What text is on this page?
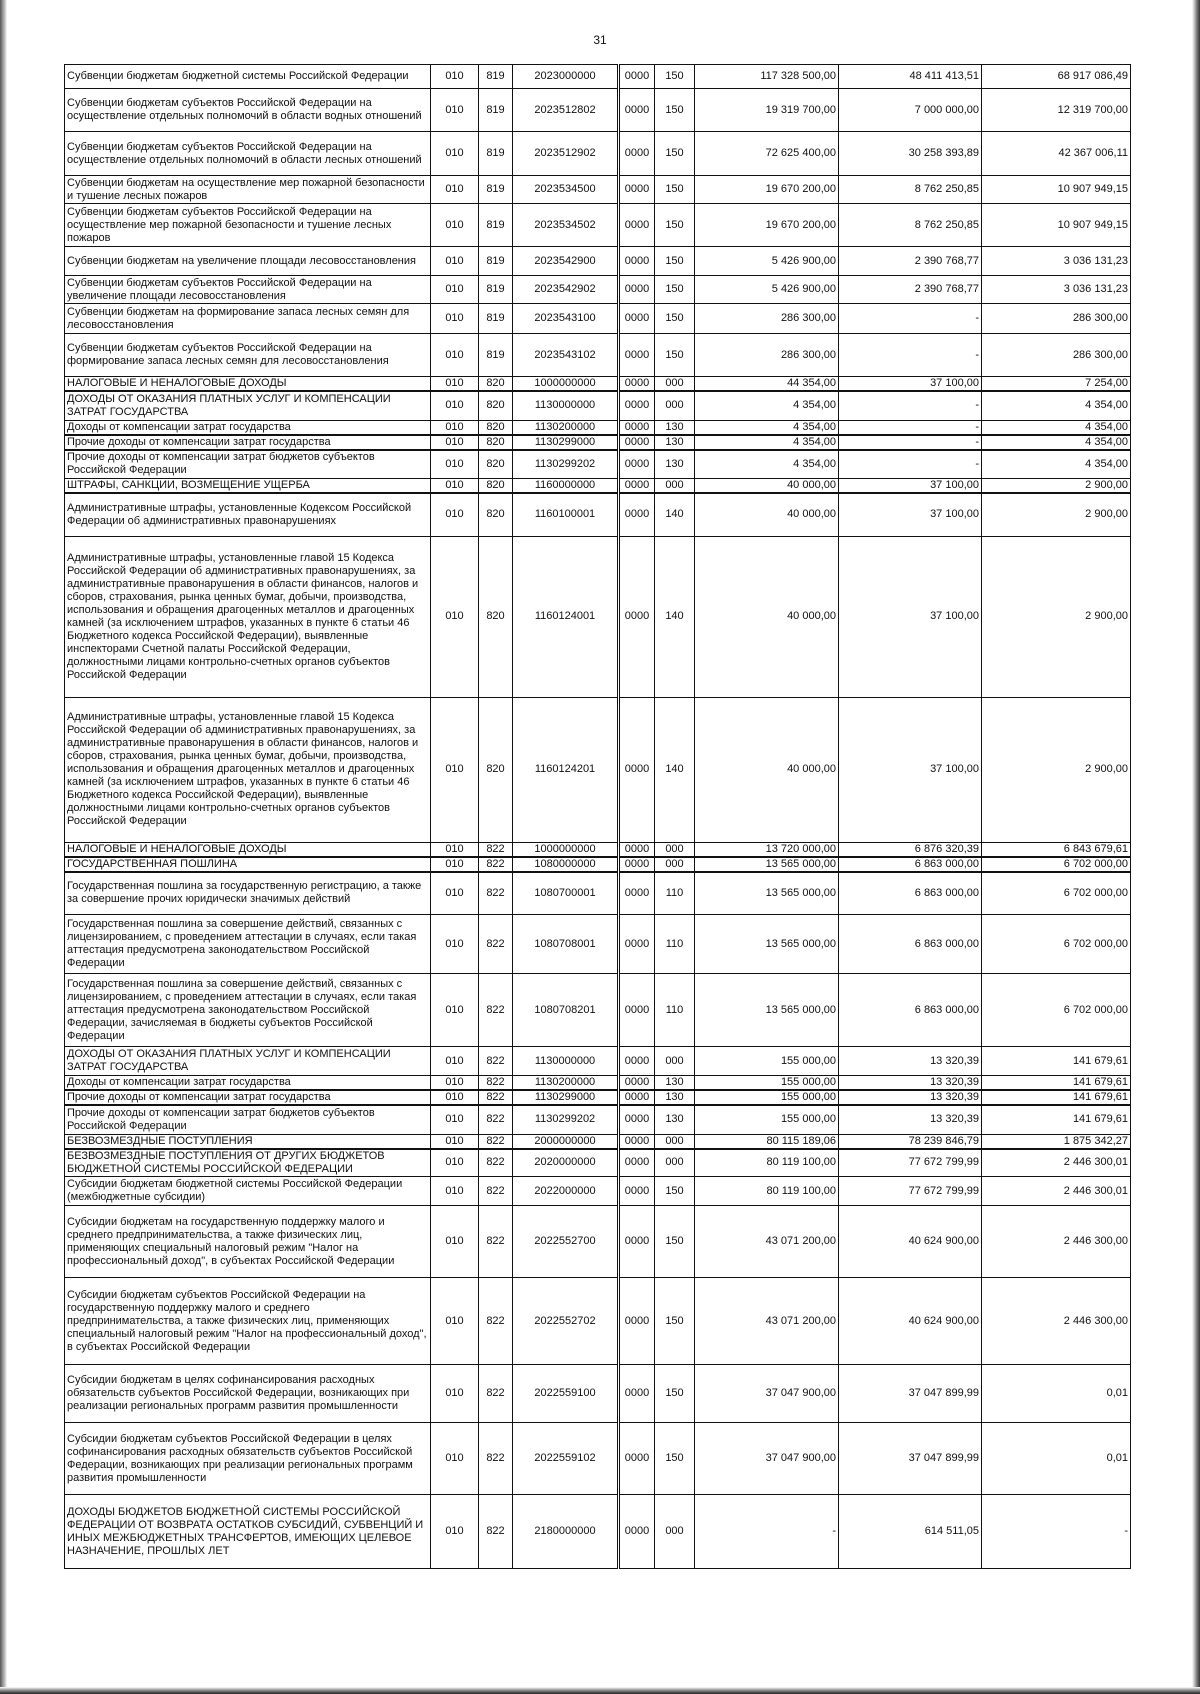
31
Субвенции бюджетам бюджетной системы Российской Федерации	010	819	2023000000		0000	150	117 328 500,00	48 411 413,51	68 917 086,49
Субвенции бюджетам субъектов Российской Федерации на осуществление отдельных полномочий в области водных отношений	010	819	2023512802		0000	150	19 319 700,00	7 000 000,00	12 319 700,00
Субвенции бюджетам субъектов Российской Федерации на осуществление отдельных полномочий в области лесных отношений	010	819	2023512902		0000	150	72 625 400,00	30 258 393,89	42 367 006,11
Субвенции бюджетам на осуществление мер пожарной безопасности и тушение лесных пожаров	010	819	2023534500		0000	150	19 670 200,00	8 762 250,85	10 907 949,15
Субвенции бюджетам субъектов Российской Федерации на осуществление мер пожарной безопасности и тушение лесных пожаров	010	819	2023534502		0000	150	19 670 200,00	8 762 250,85	10 907 949,15
Субвенции бюджетам на увеличение площади лесовосстановления	010	819	2023542900		0000	150	5 426 900,00	2 390 768,77	3 036 131,23
Субвенции бюджетам субъектов Российской Федерации на увеличение площади лесовосстановления	010	819	2023542902		0000	150	5 426 900,00	2 390 768,77	3 036 131,23
Субвенции бюджетам на формирование запаса лесных семян для лесовосстановления	010	819	2023543100		0000	150	286 300,00	-	286 300,00
Субвенции бюджетам субъектов Российской Федерации на формирование запаса лесных семян для лесовосстановления	010	819	2023543102		0000	150	286 300,00	-	286 300,00
НАЛОГОВЫЕ И НЕНАЛОГОВЫЕ ДОХОДЫ	010	820	1000000000		0000	000	44 354,00	37 100,00	7 254,00
ДОХОДЫ ОТ ОКАЗАНИЯ ПЛАТНЫХ УСЛУГ И КОМПЕНСАЦИИ ЗАТРАТ ГОСУДАРСТВА	010	820	1130000000		0000	000	4 354,00	-	4 354,00
Доходы от компенсации затрат государства	010	820	1130200000		0000	130	4 354,00	-	4 354,00
Прочие доходы от компенсации затрат государства	010	820	1130299000		0000	130	4 354,00	-	4 354,00
Прочие доходы от компенсации затрат бюджетов субъектов Российской Федерации	010	820	1130299202		0000	130	4 354,00	-	4 354,00
ШТРАФЫ, САНКЦИИ, ВОЗМЕЩЕНИЕ УЩЕРБА	010	820	1160000000		0000	000	40 000,00	37 100,00	2 900,00
Административные штрафы, установленные Кодексом Российской Федерации об административных правонарушениях	010	820	1160100001		0000	140	40 000,00	37 100,00	2 900,00
Административные штрафы, установленные главой 15 Кодекса Российской Федерации об административных правонарушениях, за административные правонарушения в области финансов, налогов и сборов, страхования, рынка ценных бумаг, добычи, производства, использования и обращения драгоценных металлов и драгоценных камней (за исключением штрафов, указанных в пункте 6 статьи 46 Бюджетного кодекса Российской Федерации), выявленные инспекторами Счетной палаты Российской Федерации, должностными лицами контрольно-счетных органов субъектов Российской Федерации	010	820	1160124001		0000	140	40 000,00	37 100,00	2 900,00
Административные штрафы, установленные главой 15 Кодекса Российской Федерации об административных правонарушениях, за административные правонарушения в области финансов, налогов и сборов, страхования, рынка ценных бумаг, добычи, производства, использования и обращения драгоценных металлов и драгоценных камней (за исключением штрафов, указанных в пункте 6 статьи 46 Бюджетного кодекса Российской Федерации), выявленные должностными лицами контрольно-счетных органов субъектов Российской Федерации	010	820	1160124201		0000	140	40 000,00	37 100,00	2 900,00
НАЛОГОВЫЕ И НЕНАЛОГОВЫЕ ДОХОДЫ	010	822	1000000000		0000	000	13 720 000,00	6 876 320,39	6 843 679,61
ГОСУДАРСТВЕННАЯ ПОШЛИНА	010	822	1080000000		0000	000	13 565 000,00	6 863 000,00	6 702 000,00
Государственная пошлина за государственную регистрацию, а также за совершение прочих юридически значимых действий	010	822	1080700001		0000	110	13 565 000,00	6 863 000,00	6 702 000,00
Государственная пошлина за совершение действий, связанных с лицензированием, с проведением аттестации в случаях, если такая аттестация предусмотрена законодательством Российской Федерации	010	822	1080708001		0000	110	13 565 000,00	6 863 000,00	6 702 000,00
Государственная пошлина за совершение действий, связанных с лицензированием, с проведением аттестации в случаях, если такая аттестация предусмотрена законодательством Российской Федерации, зачисляемая в бюджеты субъектов Российской Федерации	010	822	1080708201		0000	110	13 565 000,00	6 863 000,00	6 702 000,00
ДОХОДЫ ОТ ОКАЗАНИЯ ПЛАТНЫХ УСЛУГ И КОМПЕНСАЦИИ ЗАТРАТ ГОСУДАРСТВА	010	822	1130000000		0000	000	155 000,00	13 320,39	141 679,61
Доходы от компенсации затрат государства	010	822	1130200000		0000	130	155 000,00	13 320,39	141 679,61
Прочие доходы от компенсации затрат государства	010	822	1130299000		0000	130	155 000,00	13 320,39	141 679,61
Прочие доходы от компенсации затрат бюджетов субъектов Российской Федерации	010	822	1130299202		0000	130	155 000,00	13 320,39	141 679,61
БЕЗВОЗМЕЗДНЫЕ ПОСТУПЛЕНИЯ	010	822	2000000000		0000	000	80 115 189,06	78 239 846,79	1 875 342,27
БЕЗВОЗМЕЗДНЫЕ ПОСТУПЛЕНИЯ ОТ ДРУГИХ БЮДЖЕТОВ БЮДЖЕТНОЙ СИСТЕМЫ РОССИЙСКОЙ ФЕДЕРАЦИИ	010	822	2020000000		0000	000	80 119 100,00	77 672 799,99	2 446 300,01
Субсидии бюджетам бюджетной системы Российской Федерации (межбюджетные субсидии)	010	822	2022000000		0000	150	80 119 100,00	77 672 799,99	2 446 300,01
Субсидии бюджетам на государственную поддержку малого и среднего предпринимательства, а также физических лиц, применяющих специальный налоговый режим "Налог на профессиональный доход", в субъектах Российской Федерации	010	822	2022552700		0000	150	43 071 200,00	40 624 900,00	2 446 300,00
Субсидии бюджетам субъектов Российской Федерации на государственную поддержку малого и среднего предпринимательства, а также физических лиц, применяющих специальный налоговый режим "Налог на профессиональный доход", в субъектах Российской Федерации	010	822	2022552702		0000	150	43 071 200,00	40 624 900,00	2 446 300,00
Субсидии бюджетам в целях софинансирования расходных обязательств субъектов Российской Федерации, возникающих при реализации региональных программ развития промышленности	010	822	2022559100		0000	150	37 047 900,00	37 047 899,99	0,01
Субсидии бюджетам субъектов Российской Федерации в целях софинансирования расходных обязательств субъектов Российской Федерации, возникающих при реализации региональных программ развития промышленности	010	822	2022559102		0000	150	37 047 900,00	37 047 899,99	0,01
ДОХОДЫ БЮДЖЕТОВ БЮДЖЕТНОЙ СИСТЕМЫ РОССИЙСКОЙ ФЕДЕРАЦИИ ОТ ВОЗВРАТА ОСТАТКОВ СУБСИДИЙ, СУБВЕНЦИЙ И ИНЫХ МЕЖБЮДЖЕТНЫХ ТРАНСФЕРТОВ, ИМЕЮЩИХ ЦЕЛЕВОЕ НАЗНАЧЕНИЕ, ПРОШЛЫХ ЛЕТ	010	822	2180000000		0000	000	-	614 511,05	-
